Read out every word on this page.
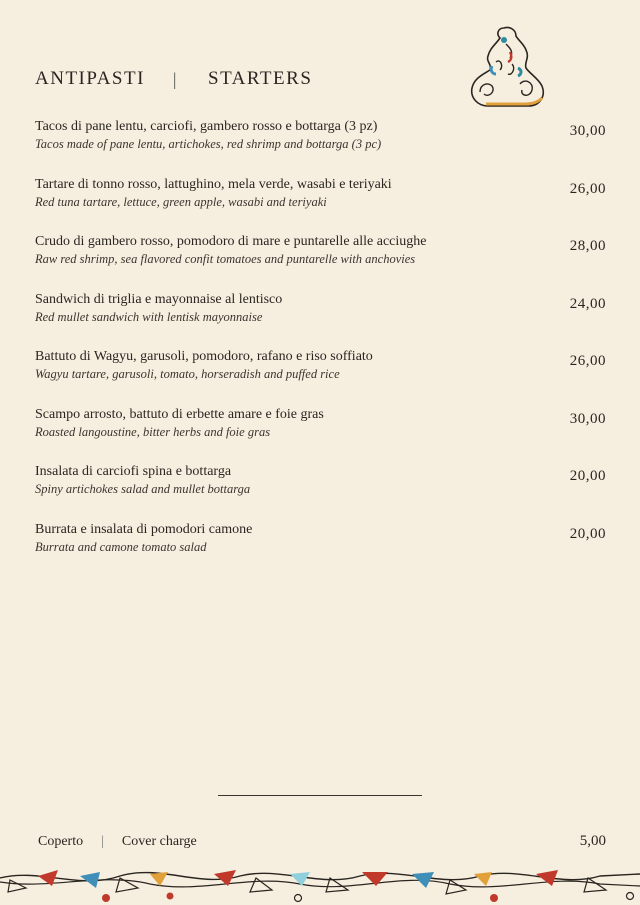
ANTIPASTI | STARTERS
Tacos di pane lentu, carciofi, gambero rosso e bottarga (3 pz)
Tacos made of pane lentu, artichokes, red shrimp and bottarga (3 pc)
30,00
Tartare di tonno rosso, lattughino, mela verde, wasabi e teriyaki
Red tuna tartare, lettuce, green apple, wasabi and teriyaki
26,00
Crudo di gambero rosso, pomodoro di mare e puntarelle alle acciughe
Raw red shrimp, sea flavored confit tomatoes and puntarelle with anchovies
28,00
Sandwich di triglia e mayonnaise al lentisco
Red mullet sandwich with lentisk mayonnaise
24,00
Battuto di Wagyu, garusoli, pomodoro, rafano e riso soffiato
Wagyu tartare, garusoli, tomato, horseradish and puffed rice
26,00
Scampo arrosto, battuto di erbette amare e foie gras
Roasted langoustine, bitter herbs and foie gras
30,00
Insalata di carciofi spina e bottarga
Spiny artichokes salad and mullet bottarga
20,00
Burrata e insalata di pomodori camone
Burrata and camone tomato salad
20,00
Coperto | Cover charge	5,00
